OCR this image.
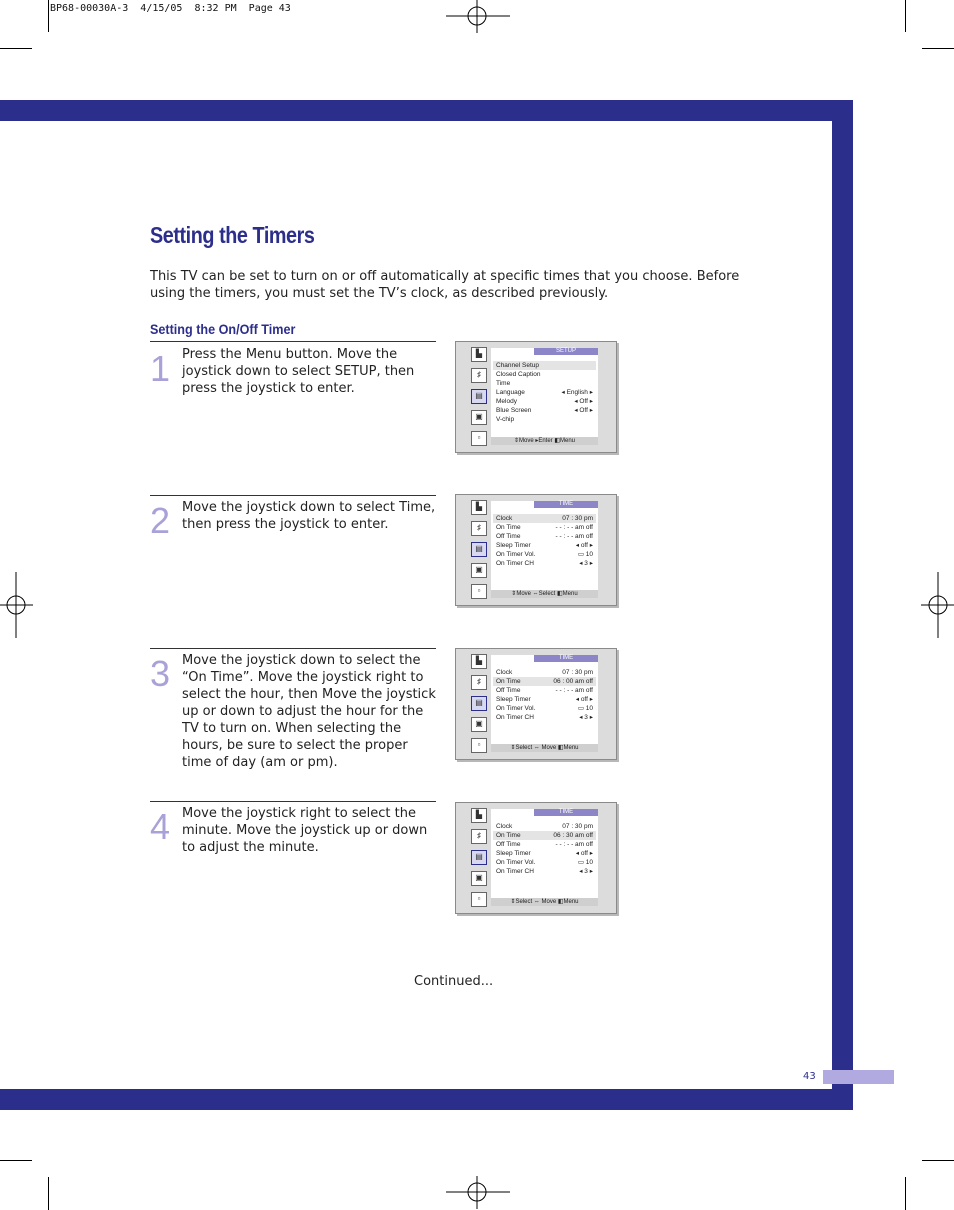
BP68-00030A-3  4/15/05  8:32 PM  Page 43
Setting the Timers
This TV can be set to turn on or off automatically at specific times that you choose. Before using the timers, you must set the TV’s clock, as described previously.
Setting the On/Off Timer
1 Press the Menu button. Move the joystick down to select SETUP, then press the joystick to enter.
2 Move the joystick down to select Time, then press the joystick to enter.
3 Move the joystick down to select the “On Time”. Move the joystick right to select the hour, then Move the joystick up or down to adjust the hour for the TV to turn on. When selecting the hours, be sure to select the proper time of day (am or pm).
4 Move the joystick right to select the minute. Move the joystick up or down to adjust the minute.
▙
♯
▤
▣
▫
SETUP
Channel Setup
Closed Caption
Time
Language	◂ English ▸
Melody	◂ Off ▸
Blue Screen	◂ Off ▸
V-chip
⇕Move ▸Enter ◧Menu
▙
♯
▤
▣
▫
TIME
Clock	07 : 30 pm
On Time	- - : - - am off
Off Time	- - : - - am off
Sleep Timer	◂ off ▸
On Timer Vol.	▭ 10
On Timer CH	◂ 3 ▸
⇕Move ⇔Select ◧Menu
▙
♯
▤
▣
▫
TIME
Clock	07 : 30 pm
On Time	06 : 00 am off
Off Time	- - : - - am off
Sleep Timer	◂ off ▸
On Timer Vol.	▭ 10
On Timer CH	◂ 3 ▸
⇕Select ⇔ Move ◧Menu
▙
♯
▤
▣
▫
TIME
Clock	07 : 30 pm
On Time	06 : 30 am off
Off Time	- - : - - am off
Sleep Timer	◂ off ▸
On Timer Vol.	▭ 10
On Timer CH	◂ 3 ▸
⇕Select ⇔ Move ◧Menu
Continued...
43
